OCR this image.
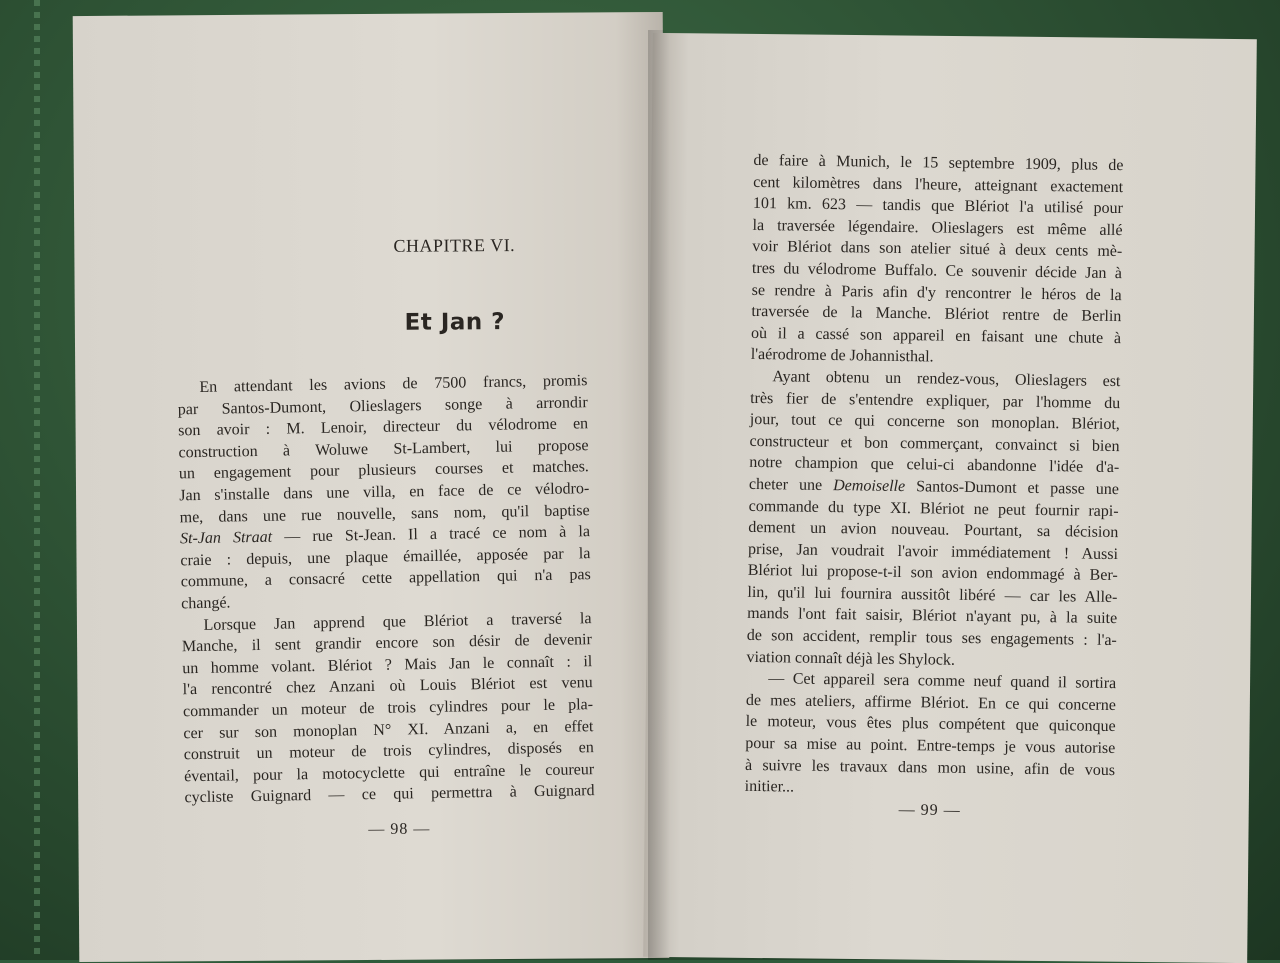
CHAPITRE VI.
Et Jan ?
En attendant les avions de 7500 francs, promis
par Santos-Dumont, Olieslagers songe à arrondir
son avoir : M. Lenoir, directeur du vélodrome en
construction à Woluwe St-Lambert, lui propose
un engagement pour plusieurs courses et matches.
Jan s'installe dans une villa, en face de ce vélodro-
me, dans une rue nouvelle, sans nom, qu'il baptise
St-Jan Straat — rue St-Jean. Il a tracé ce nom à la
craie : depuis, une plaque émaillée, apposée par la
commune, a consacré cette appellation qui n'a pas
changé.
Lorsque Jan apprend que Blériot a traversé la
Manche, il sent grandir encore son désir de devenir
un homme volant. Blériot ? Mais Jan le connaît : il
l'a rencontré chez Anzani où Louis Blériot est venu
commander un moteur de trois cylindres pour le pla-
cer sur son monoplan N° XI. Anzani a, en effet
construit un moteur de trois cylindres, disposés en
éventail, pour la motocyclette qui entraîne le coureur
cycliste Guignard — ce qui permettra à Guignard
— 98 —
de faire à Munich, le 15 septembre 1909, plus de
cent kilomètres dans l'heure, atteignant exactement
101 km. 623 — tandis que Blériot l'a utilisé pour
la traversée légendaire. Olieslagers est même allé
voir Blériot dans son atelier situé à deux cents mè-
tres du vélodrome Buffalo. Ce souvenir décide Jan à
se rendre à Paris afin d'y rencontrer le héros de la
traversée de la Manche. Blériot rentre de Berlin
où il a cassé son appareil en faisant une chute à
l'aérodrome de Johannisthal.
Ayant obtenu un rendez-vous, Olieslagers est
très fier de s'entendre expliquer, par l'homme du
jour, tout ce qui concerne son monoplan. Blériot,
constructeur et bon commerçant, convainct si bien
notre champion que celui-ci abandonne l'idée d'a-
cheter une Demoiselle Santos-Dumont et passe une
commande du type XI. Blériot ne peut fournir rapi-
dement un avion nouveau. Pourtant, sa décision
prise, Jan voudrait l'avoir immédiatement ! Aussi
Blériot lui propose-t-il son avion endommagé à Ber-
lin, qu'il lui fournira aussitôt libéré — car les Alle-
mands l'ont fait saisir, Blériot n'ayant pu, à la suite
de son accident, remplir tous ses engagements : l'a-
viation connaît déjà les Shylock.
— Cet appareil sera comme neuf quand il sortira
de mes ateliers, affirme Blériot. En ce qui concerne
le moteur, vous êtes plus compétent que quiconque
pour sa mise au point. Entre-temps je vous autorise
à suivre les travaux dans mon usine, afin de vous
initier...
— 99 —
